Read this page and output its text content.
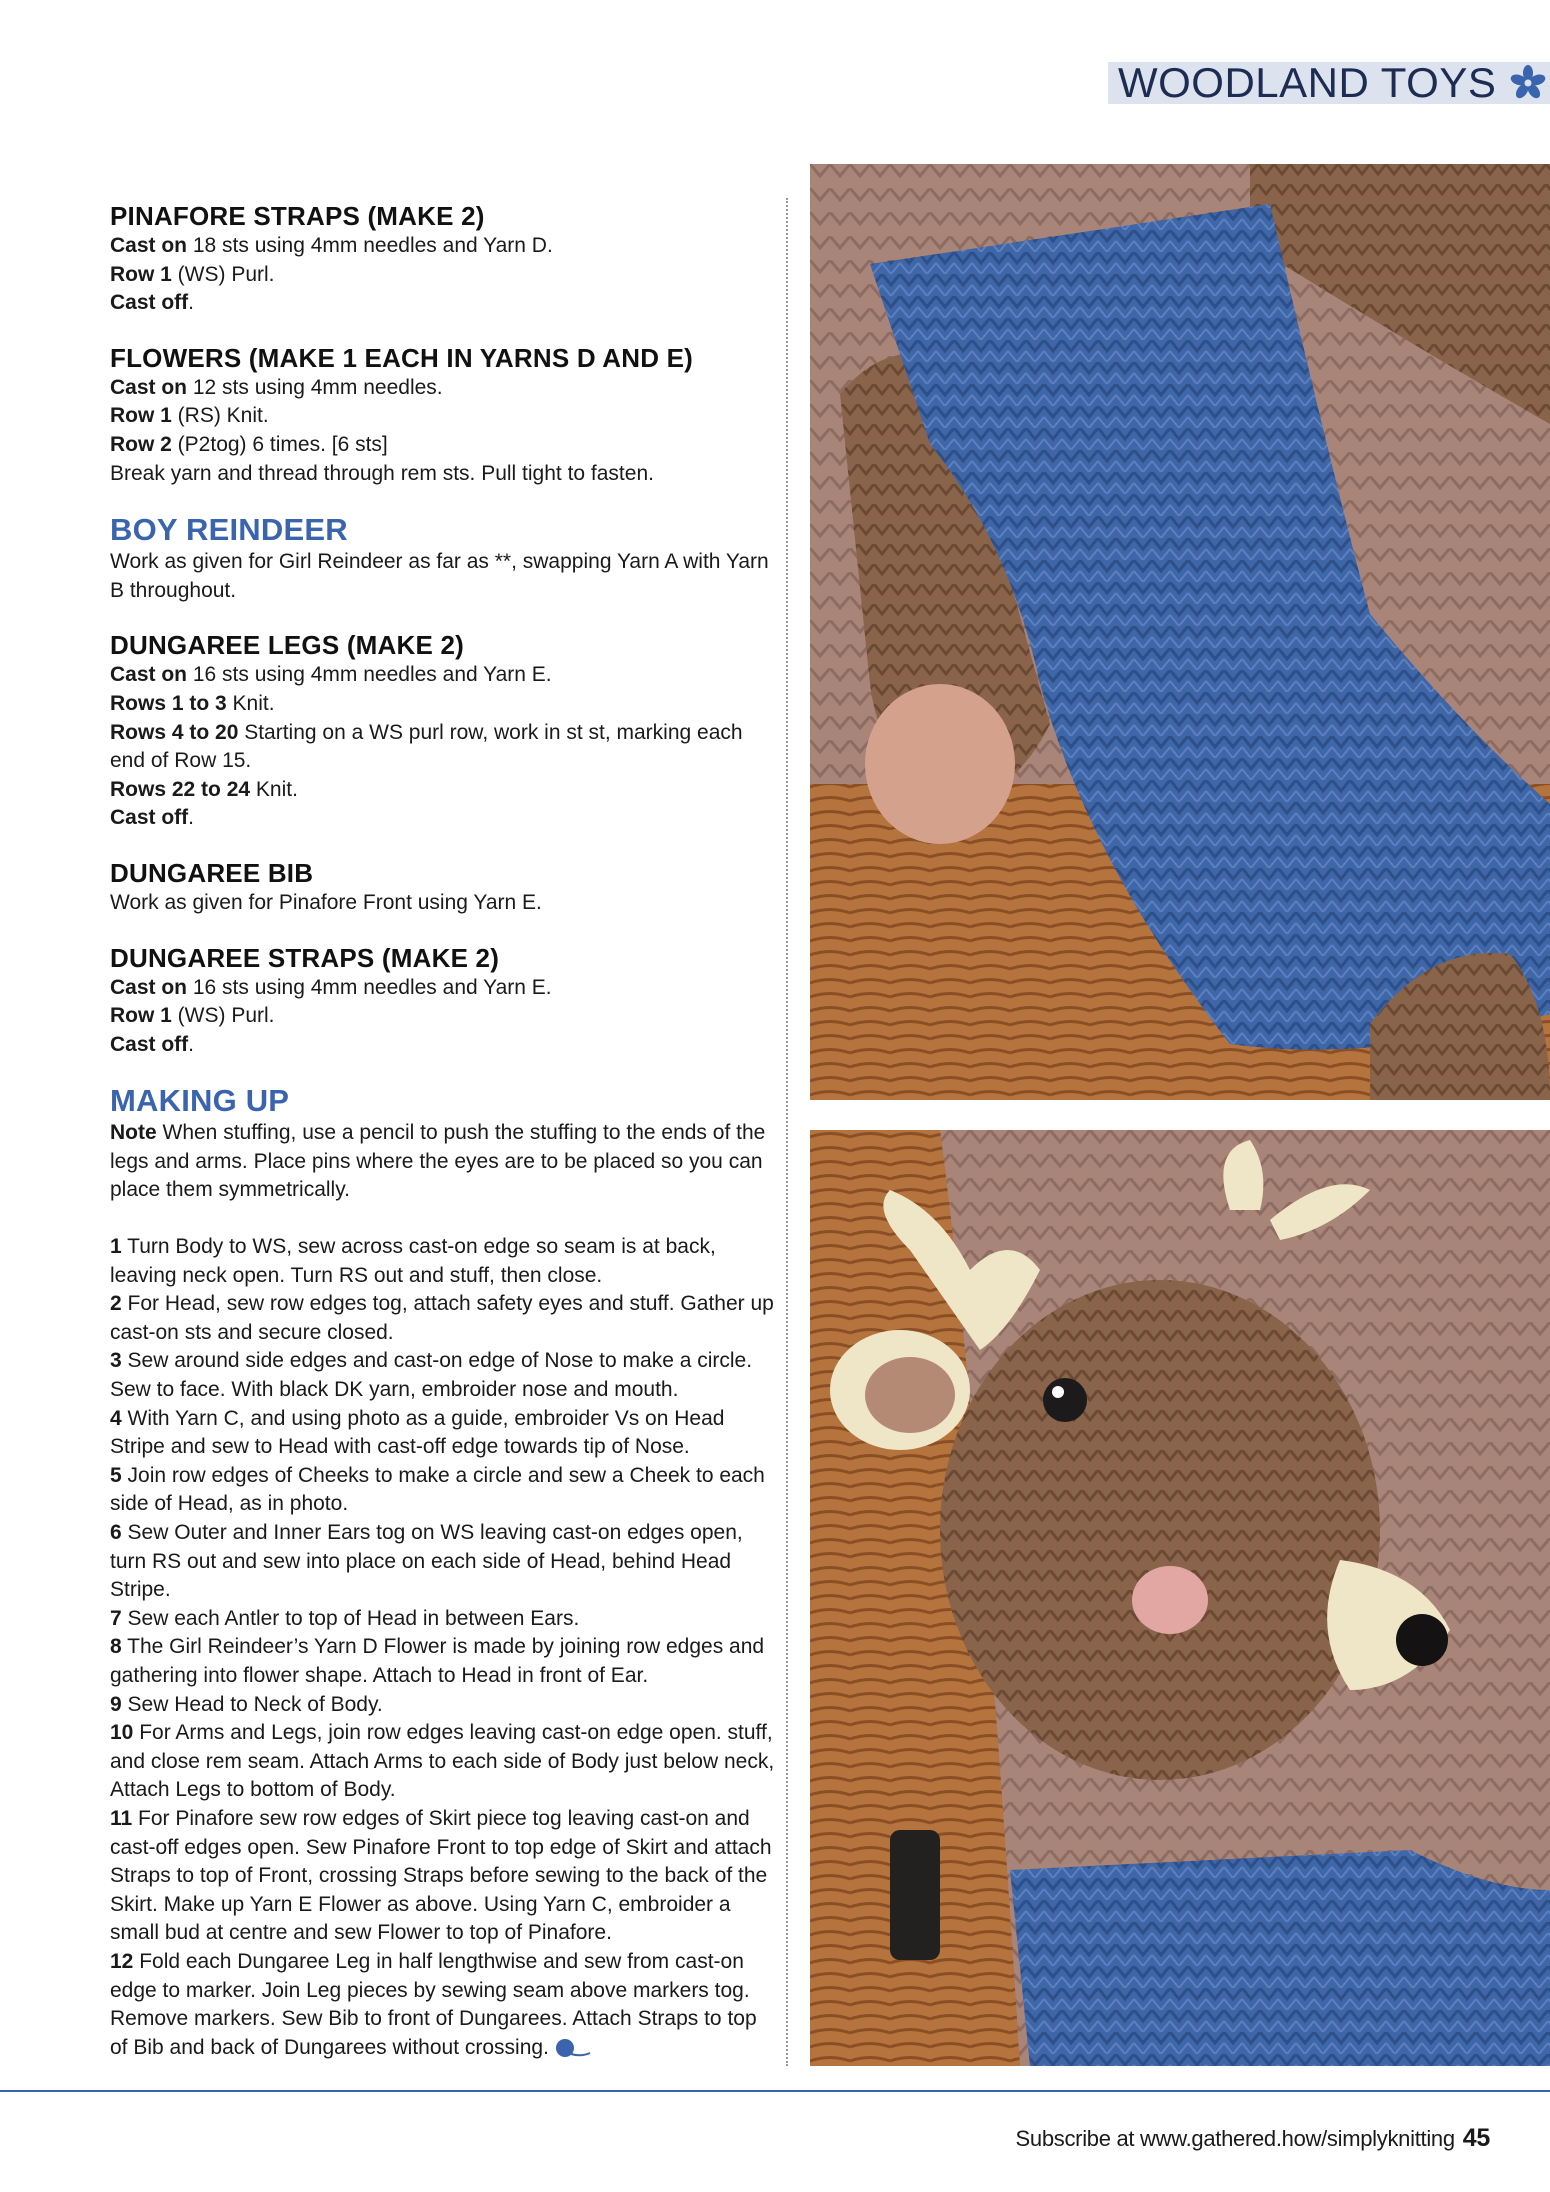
WOODLAND TOYS
PINAFORE STRAPS (MAKE 2)

Cast on 18 sts using 4mm needles and Yarn D.

Row 1 (WS) Purl.

Cast off.

FLOWERS (MAKE 1 EACH IN YARNS D AND E)

Cast on 12 sts using 4mm needles.

Row 1 (RS) Knit.

Row 2 (P2tog) 6 times. [6 sts]

Break yarn and thread through rem sts. Pull tight to fasten.

BOY REINDEER

Work as given for Girl Reindeer as far as **, swapping Yarn A with Yarn B throughout.

DUNGAREE LEGS (MAKE 2)

Cast on 16 sts using 4mm needles and Yarn E.

Rows 1 to 3 Knit.

Rows 4 to 20 Starting on a WS purl row, work in st st, marking each end of Row 15.

Rows 22 to 24 Knit.

Cast off.

DUNGAREE BIB

Work as given for Pinafore Front using Yarn E.

DUNGAREE STRAPS (MAKE 2)

Cast on 16 sts using 4mm needles and Yarn E.

Row 1 (WS) Purl.

Cast off.

MAKING UP

Note When stuffing, use a pencil to push the stuffing to the ends of the legs and arms. Place pins where the eyes are to be placed so you can place them symmetrically.

1 Turn Body to WS, sew across cast-on edge so seam is at back, leaving neck open. Turn RS out and stuff, then close.

2 For Head, sew row edges tog, attach safety eyes and stuff. Gather up cast-on sts and secure closed.

3 Sew around side edges and cast-on edge of Nose to make a circle. Sew to face. With black DK yarn, embroider nose and mouth.

4 With Yarn C, and using photo as a guide, embroider Vs on Head Stripe and sew to Head with cast-off edge towards tip of Nose.

5 Join row edges of Cheeks to make a circle and sew a Cheek to each side of Head, as in photo.

6 Sew Outer and Inner Ears tog on WS leaving cast-on edges open, turn RS out and sew into place on each side of Head, behind Head Stripe.

7 Sew each Antler to top of Head in between Ears.

8 The Girl Reindeer’s Yarn D Flower is made by joining row edges and gathering into flower shape. Attach to Head in front of Ear.

9 Sew Head to Neck of Body.

10 For Arms and Legs, join row edges leaving cast-on edge open. stuff, and close rem seam. Attach Arms to each side of Body just below neck, Attach Legs to bottom of Body.

11 For Pinafore sew row edges of Skirt piece tog leaving cast-on and cast-off edges open. Sew Pinafore Front to top edge of Skirt and attach Straps to top of Front, crossing Straps before sewing to the back of the Skirt. Make up Yarn E Flower as above. Using Yarn C, embroider a small bud at centre and sew Flower to top of Pinafore.

12 Fold each Dungaree Leg in half lengthwise and sew from cast-on edge to marker. Join Leg pieces by sewing seam above markers tog. Remove markers. Sew Bib to front of Dungarees. Attach Straps to top of Bib and back of Dungarees without crossing.

Subscribe at www.gathered.how/simplyknitting 45
